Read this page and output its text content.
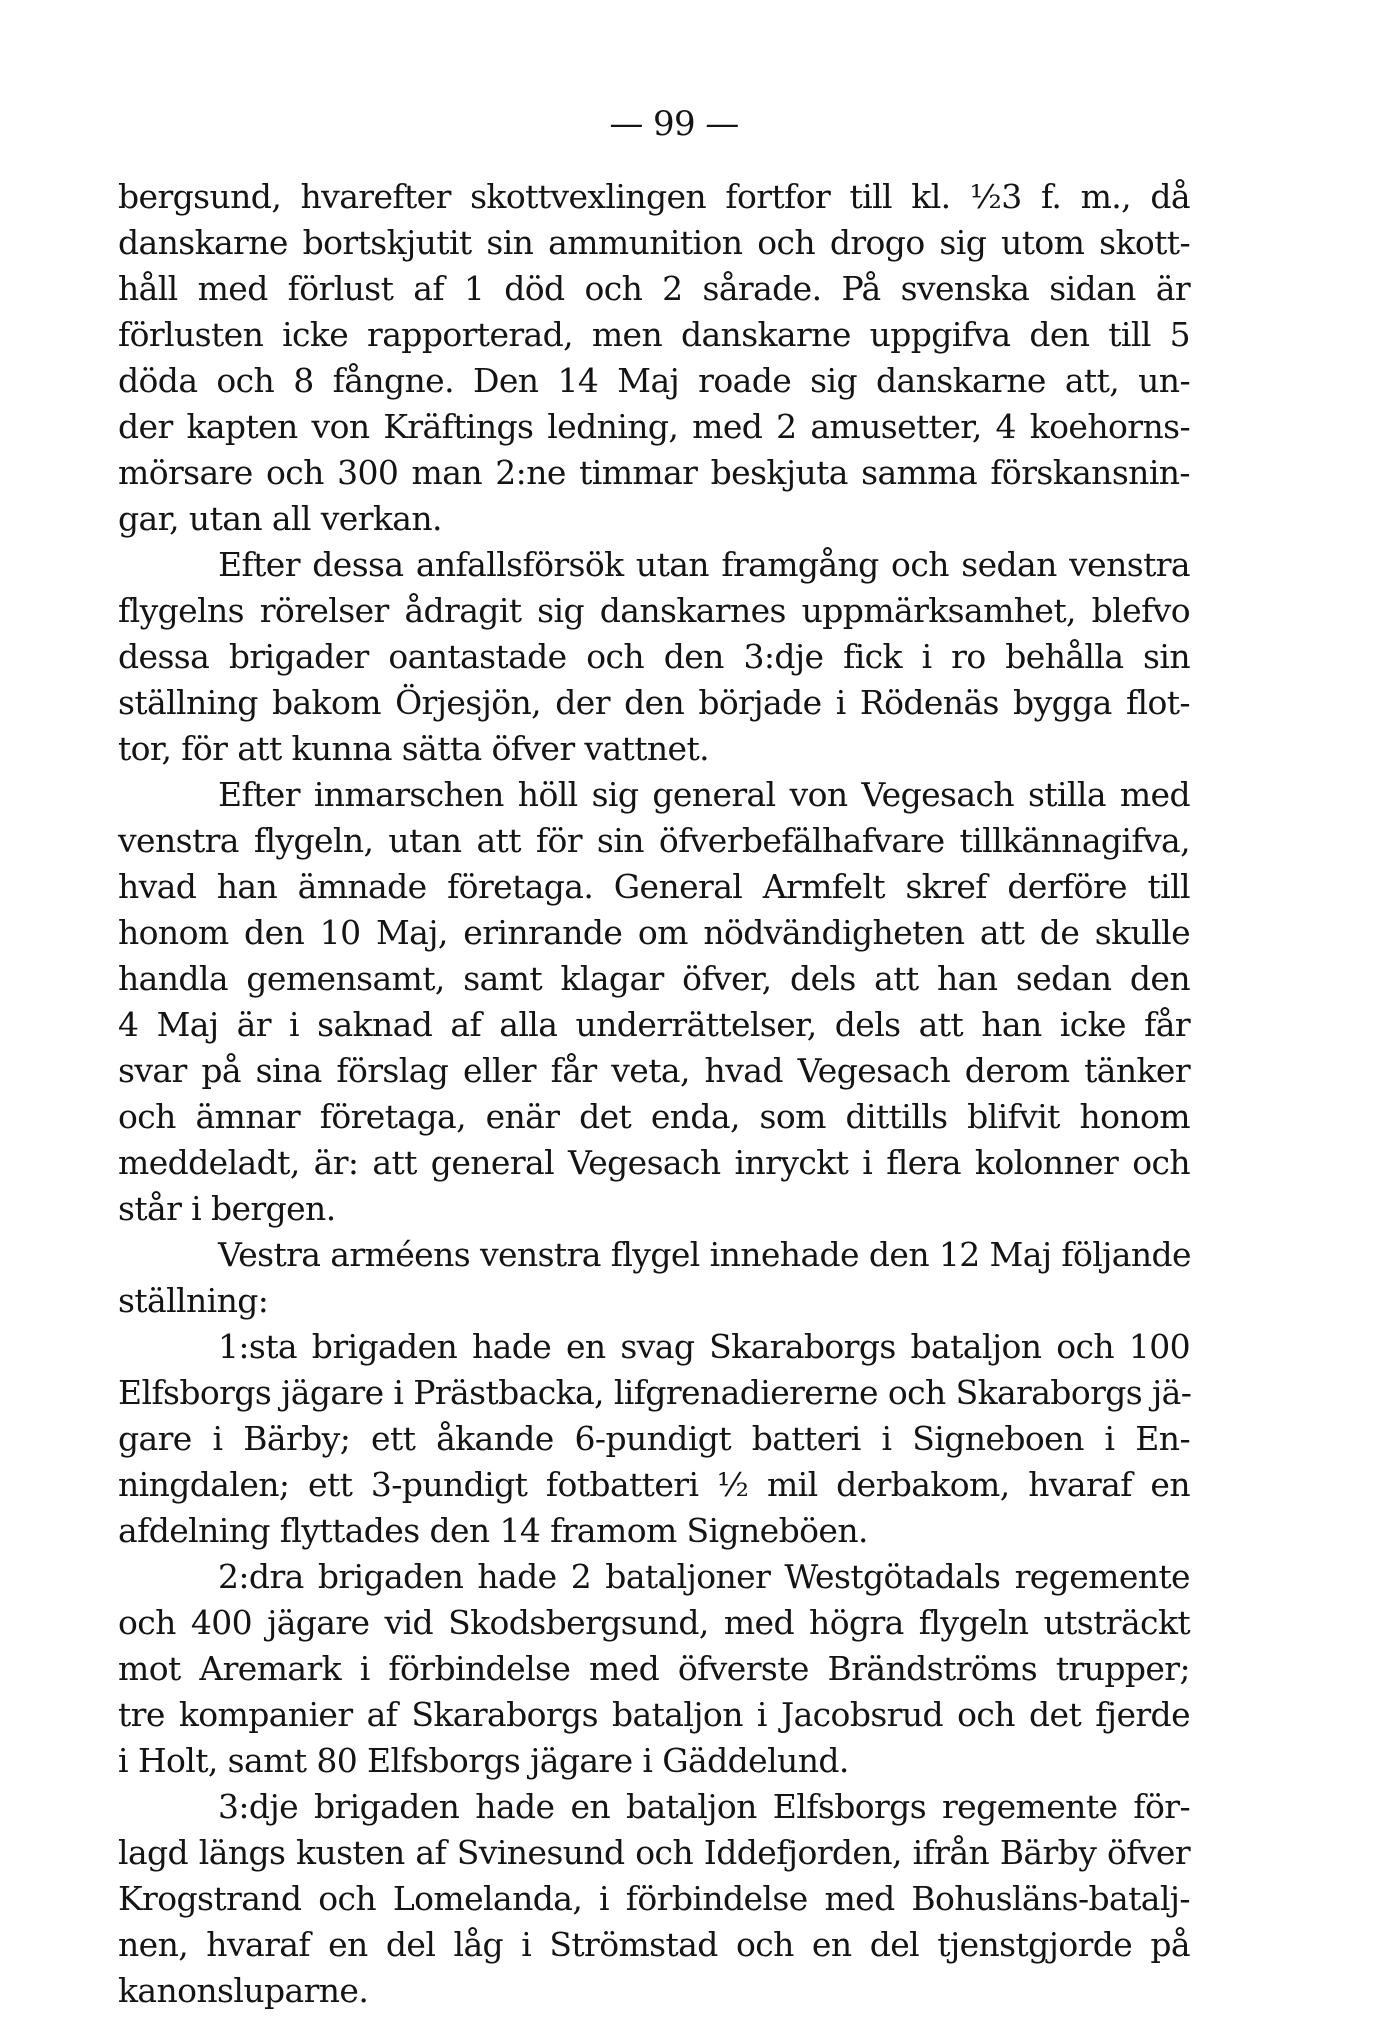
— 99 —
bergsund, hvarefter skottvexlingen fortfor till kl. ½3 f. m., då
danskarne bortskjutit sin ammunition och drogo sig utom skott-
håll med förlust af 1 död och 2 sårade. På svenska sidan är
förlusten icke rapporterad, men danskarne uppgifva den till 5
döda och 8 fångne. Den 14 Maj roade sig danskarne att, un-
der kapten von Kräftings ledning, med 2 amusetter, 4 koehorns-
mörsare och 300 man 2:ne timmar beskjuta samma förskansnin-
gar, utan all verkan.
Efter dessa anfallsförsök utan framgång och sedan venstra
flygelns rörelser ådragit sig danskarnes uppmärksamhet, blefvo
dessa brigader oantastade och den 3:dje fick i ro behålla sin
ställning bakom Örjesjön, der den började i Rödenäs bygga flot-
tor, för att kunna sätta öfver vattnet.
Efter inmarschen höll sig general von Vegesach stilla med
venstra flygeln, utan att för sin öfverbefälhafvare tillkännagifva,
hvad han ämnade företaga. General Armfelt skref derföre till
honom den 10 Maj, erinrande om nödvändigheten att de skulle
handla gemensamt, samt klagar öfver, dels att han sedan den
4 Maj är i saknad af alla underrättelser, dels att han icke får
svar på sina förslag eller får veta, hvad Vegesach derom tänker
och ämnar företaga, enär det enda, som dittills blifvit honom
meddeladt, är: att general Vegesach inryckt i flera kolonner och
står i bergen.
Vestra arméens venstra flygel innehade den 12 Maj följande
ställning:
1:sta brigaden hade en svag Skaraborgs bataljon och 100
Elfsborgs jägare i Prästbacka, lifgrenadiererne och Skaraborgs jä-
gare i Bärby; ett åkande 6-pundigt batteri i Signeboen i En-
ningdalen; ett 3-pundigt fotbatteri ½ mil derbakom, hvaraf en
afdelning flyttades den 14 framom Signeböen.
2:dra brigaden hade 2 bataljoner Westgötadals regemente
och 400 jägare vid Skodsbergsund, med högra flygeln utsträckt
mot Aremark i förbindelse med öfverste Brändströms trupper;
tre kompanier af Skaraborgs bataljon i Jacobsrud och det fjerde
i Holt, samt 80 Elfsborgs jägare i Gäddelund.
3:dje brigaden hade en bataljon Elfsborgs regemente för-
lagd längs kusten af Svinesund och Iddefjorden, ifrån Bärby öfver
Krogstrand och Lomelanda, i förbindelse med Bohusläns-batalj-
nen, hvaraf en del låg i Strömstad och en del tjenstgjorde på
kanonsluparne.
